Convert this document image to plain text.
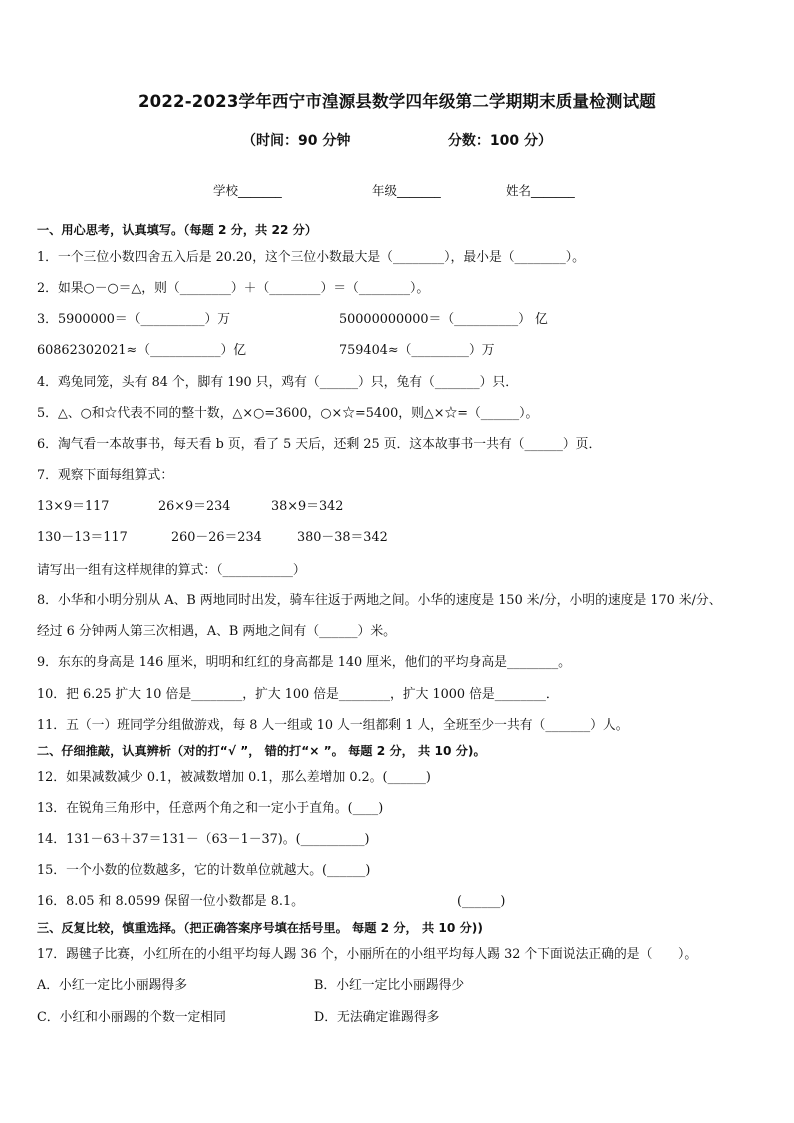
2022-2023学年西宁市湟源县数学四年级第二学期期末质量检测试题
（时间：90 分钟	分数：100 分）
学校_______	年级_______	姓名_______
一、用心思考，认真填写。（每题 2 分，共 22 分）
1．一个三位小数四舍五入后是 20.20，这个三位小数最大是（________），最小是（________）。
2．如果○－○＝△，则（________）＋（________）＝（________）。
3．5900000＝（__________）万	50000000000＝（__________） 亿
60862302021≈（___________）亿	759404≈（_________）万
4．鸡兔同笼，头有 84 个，脚有 190 只，鸡有（______）只，兔有（_______）只．
5．△、○和☆代表不同的整十数，△×○=3600，○×☆=5400，则△×☆=（______）。
6．淘气看一本故事书，每天看 b 页，看了 5 天后，还剩 25 页．这本故事书一共有（______）页．
7．观察下面每组算式：
13×9＝117	26×9＝234	38×9＝342
130－13＝117	260－26＝234	380－38＝342
请写出一组有这样规律的算式：（___________）
8．小华和小明分别从 A、B 两地同时出发，骑车往返于两地之间。小华的速度是 150 米/分，小明的速度是 170 米/分、
经过 6 分钟两人第三次相遇，A、B 两地之间有（______）米。
9．东东的身高是 146 厘米，明明和红红的身高都是 140 厘米，他们的平均身高是________。
10．把 6.25 扩大 10 倍是________，扩大 100 倍是________，扩大 1000 倍是________．
11．五（一）班同学分组做游戏，每 8 人一组或 10 人一组都剩 1 人，全班至少一共有（_______）人。
二、仔细推敲，认真辨析（对的打“√ ”， 错的打“× ”。 每题 2 分， 共 10 分)。
12．如果减数减少 0.1，被减数增加 0.1，那么差增加 0.2。(______)
13．在锐角三角形中，任意两个角之和一定小于直角。(____)
14．131－63＋37＝131－（63－1－37)。(__________)
15．一个小数的位数越多，它的计数单位就越大。(______)
16．8.05 和 8.0599 保留一位小数都是 8.1。	(______)
三、反复比较，慎重选择。（把正确答案序号填在括号里。 每题 2 分， 共 10 分))
17．踢毽子比赛，小红所在的小组平均每人踢 36 个，小丽所在的小组平均每人踢 32 个下面说法正确的是（　　）。
A．小红一定比小丽踢得多	B．小红一定比小丽踢得少
C．小红和小丽踢的个数一定相同	D．无法确定谁踢得多
